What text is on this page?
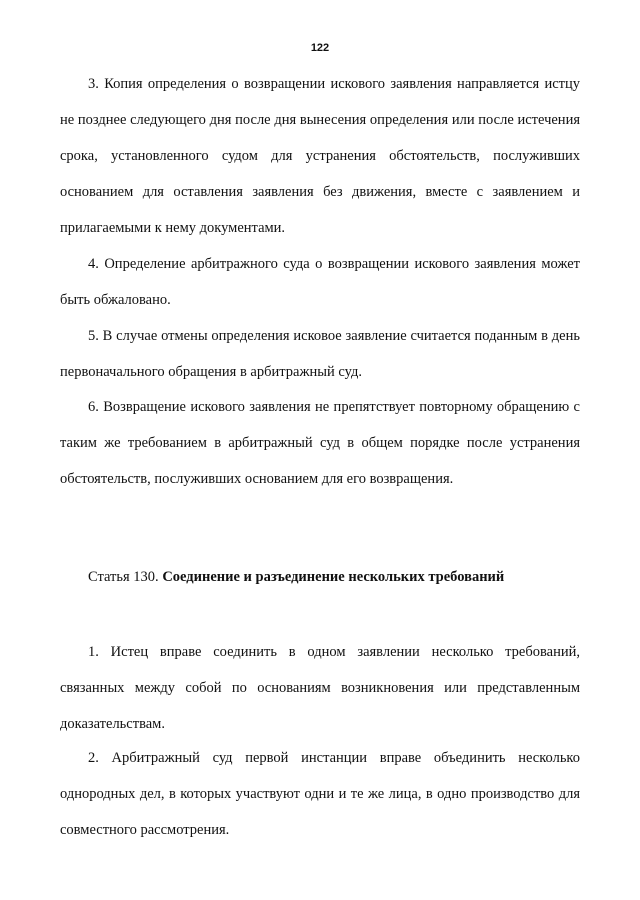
122

3. Копия определения о возвращении искового заявления направляется истцу не позднее следующего дня после дня вынесения определения или после истечения срока, установленного судом для устранения обстоятельств, послуживших основанием для оставления заявления без движения, вместе с заявлением и прилагаемыми к нему документами.

4. Определение арбитражного суда о возвращении искового заявления может быть обжаловано.

5. В случае отмены определения исковое заявление считается поданным в день первоначального обращения в арбитражный суд.

6. Возвращение искового заявления не препятствует повторному обращению с таким же требованием в арбитражный суд в общем порядке после устранения обстоятельств, послуживших основанием для его возвращения.

Статья 130. Соединение и разъединение нескольких требований

1. Истец вправе соединить в одном заявлении несколько требований, связанных между собой по основаниям возникновения или представленным доказательствам.

2. Арбитражный суд первой инстанции вправе объединить несколько однородных дел, в которых участвуют одни и те же лица, в одно производство для совместного рассмотрения.
